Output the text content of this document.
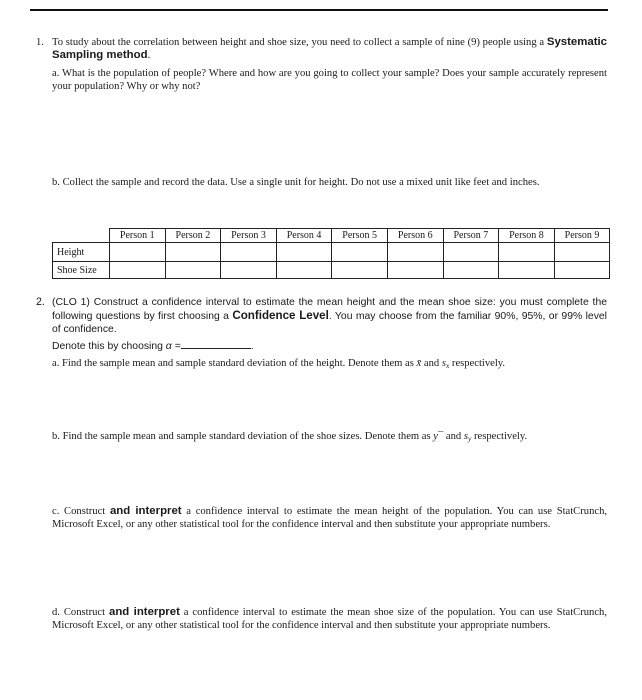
1. To study about the correlation between height and shoe size, you need to collect a sample of nine (9) people using a Systematic Sampling method.

a. What is the population of people? Where and how are you going to collect your sample? Does your sample accurately represent your population? Why or why not?

b. Collect the sample and record the data. Use a single unit for height. Do not use a mixed unit like feet and inches.

	Person 1	Person 2	Person 3	Person 4	Person 5	Person 6	Person 7	Person 8	Person 9
Height									
Shoe Size									
2. (CLO 1) Construct a confidence interval to estimate the mean height and the mean shoe size: you must complete the following questions by first choosing a Confidence Level. You may choose from the familiar 90%, 95%, or 99% level of confidence.

Denote this by choosing α =	.

a. Find the sample mean and sample standard deviation of the height. Denote them as x̄ and $s_x$ respectively.

b. Find the sample mean and sample standard deviation of the shoe sizes. Denote them as y¯ and $s_y$ respectively.

c. Construct and interpret a confidence interval to estimate the mean height of the population. You can use StatCrunch, Microsoft Excel, or any other statistical tool for the confidence interval and then substitute your appropriate numbers.

d. Construct and interpret a confidence interval to estimate the mean shoe size of the population. You can use StatCrunch, Microsoft Excel, or any other statistical tool for the confidence interval and then substitute your appropriate numbers.
